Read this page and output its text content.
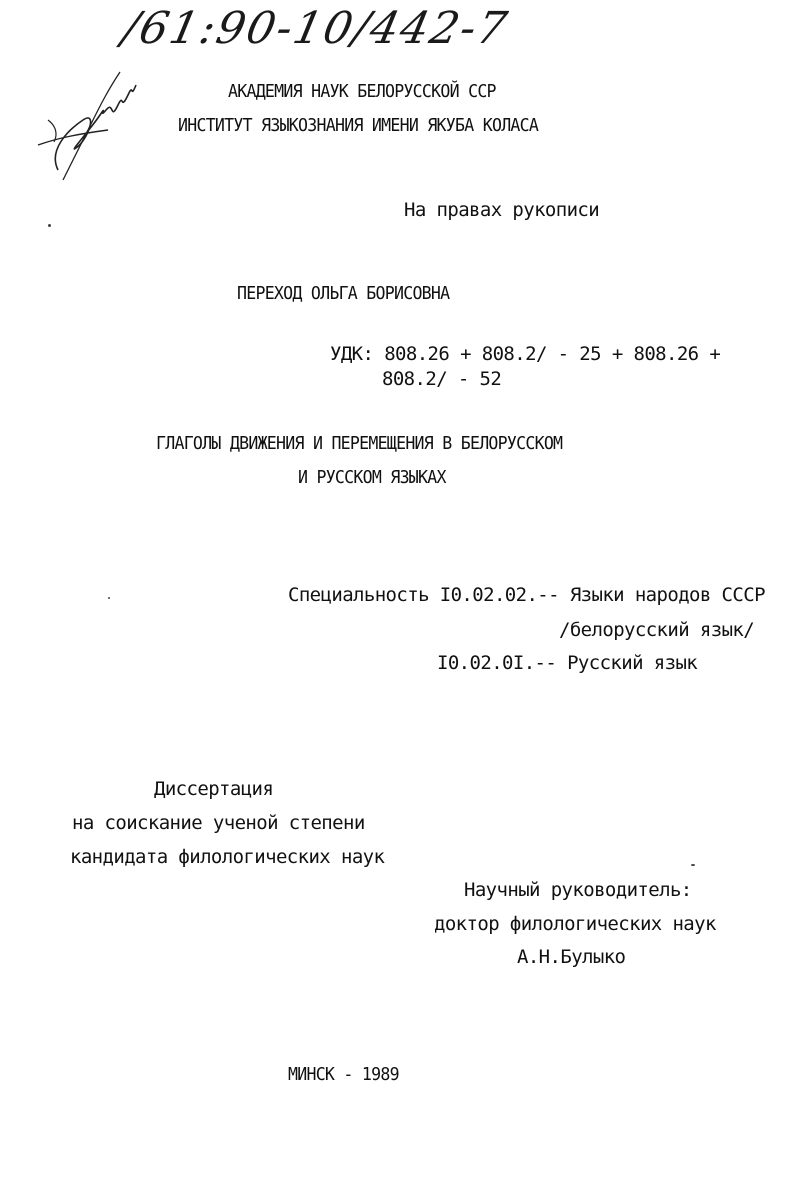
/61:90-10/442-7
АКАДЕМИЯ НАУК БЕЛОРУССКОЙ ССР
ИНСТИТУТ ЯЗЫКОЗНАНИЯ ИМЕНИ ЯКУБА КОЛАСА
На правах рукописи
ПЕРЕХОД ОЛЬГА БОРИСОВНА
УДК: 808.26 + 808.2/ - 25 + 808.26 +
808.2/ - 52
ГЛАГОЛЫ ДВИЖЕНИЯ И ПЕРЕМЕЩЕНИЯ В БЕЛОРУССКОМ
И РУССКОМ ЯЗЫКАХ
Специальность I0.02.02.-- Языки народов СССР
/белорусский язык/
I0.02.0I.-- Русский язык
Диссертация
на соискание ученой степени
кандидата филологических наук
Научный руководитель:
доктор филологических наук
А.Н.Булыко
МИНСК - 1989
